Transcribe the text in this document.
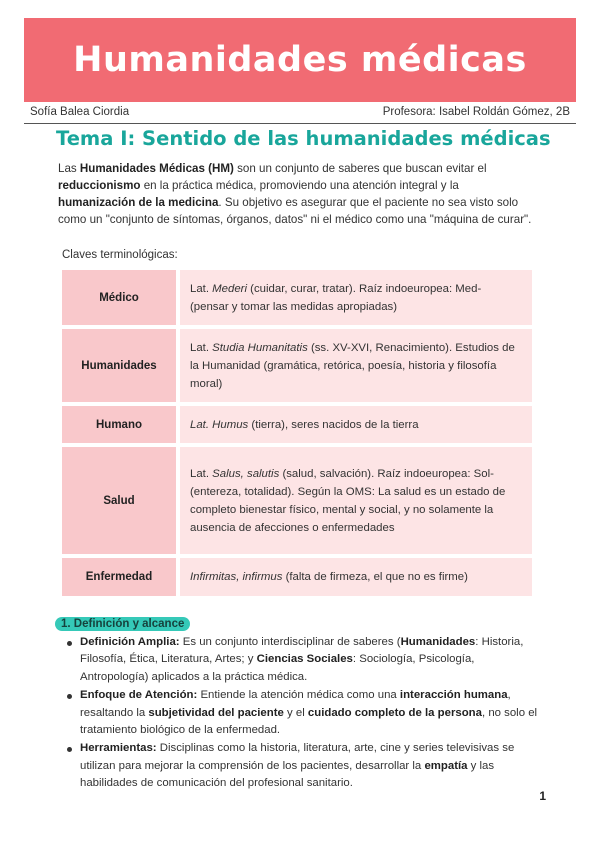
Humanidades médicas
Sofía Balea Ciordia	Profesora: Isabel Roldán Gómez, 2B
Tema I: Sentido de las humanidades médicas

Las Humanidades Médicas (HM) son un conjunto de saberes que buscan evitar el reduccionismo en la práctica médica, promoviendo una atención integral y la humanización de la medicina. Su objetivo es asegurar que el paciente no sea visto solo como un "conjunto de síntomas, órganos, datos" ni el médico como una "máquina de curar".

Claves terminológicas:

Médico	Lat. Mederi (cuidar, curar, tratar). Raíz indoeuropea: Med- (pensar y tomar las medidas apropiadas)
Humanidades	Lat. Studia Humanitatis (ss. XV-XVI, Renacimiento). Estudios de la Humanidad (gramática, retórica, poesía, historia y filosofía moral)
Humano	Lat. Humus (tierra), seres nacidos de la tierra
Salud	Lat. Salus, salutis (salud, salvación). Raíz indoeuropea: Sol- (entereza, totalidad). Según la OMS: La salud es un estado de completo bienestar físico, mental y social, y no solamente la ausencia de afecciones o enfermedades
Enfermedad	Infirmitas, infirmus (falta de firmeza, el que no es firme)
1. Definición y alcance
Definición Amplia: Es un conjunto interdisciplinar de saberes (Humanidades: Historia, Filosofía, Ética, Literatura, Artes; y Ciencias Sociales: Sociología, Psicología, Antropología) aplicados a la práctica médica.
Enfoque de Atención: Entiende la atención médica como una interacción humana, resaltando la subjetividad del paciente y el cuidado completo de la persona, no solo el tratamiento biológico de la enfermedad.
Herramientas: Disciplinas como la historia, literatura, arte, cine y series televisivas se utilizan para mejorar la comprensión de los pacientes, desarrollar la empatía y las habilidades de comunicación del profesional sanitario.
1
